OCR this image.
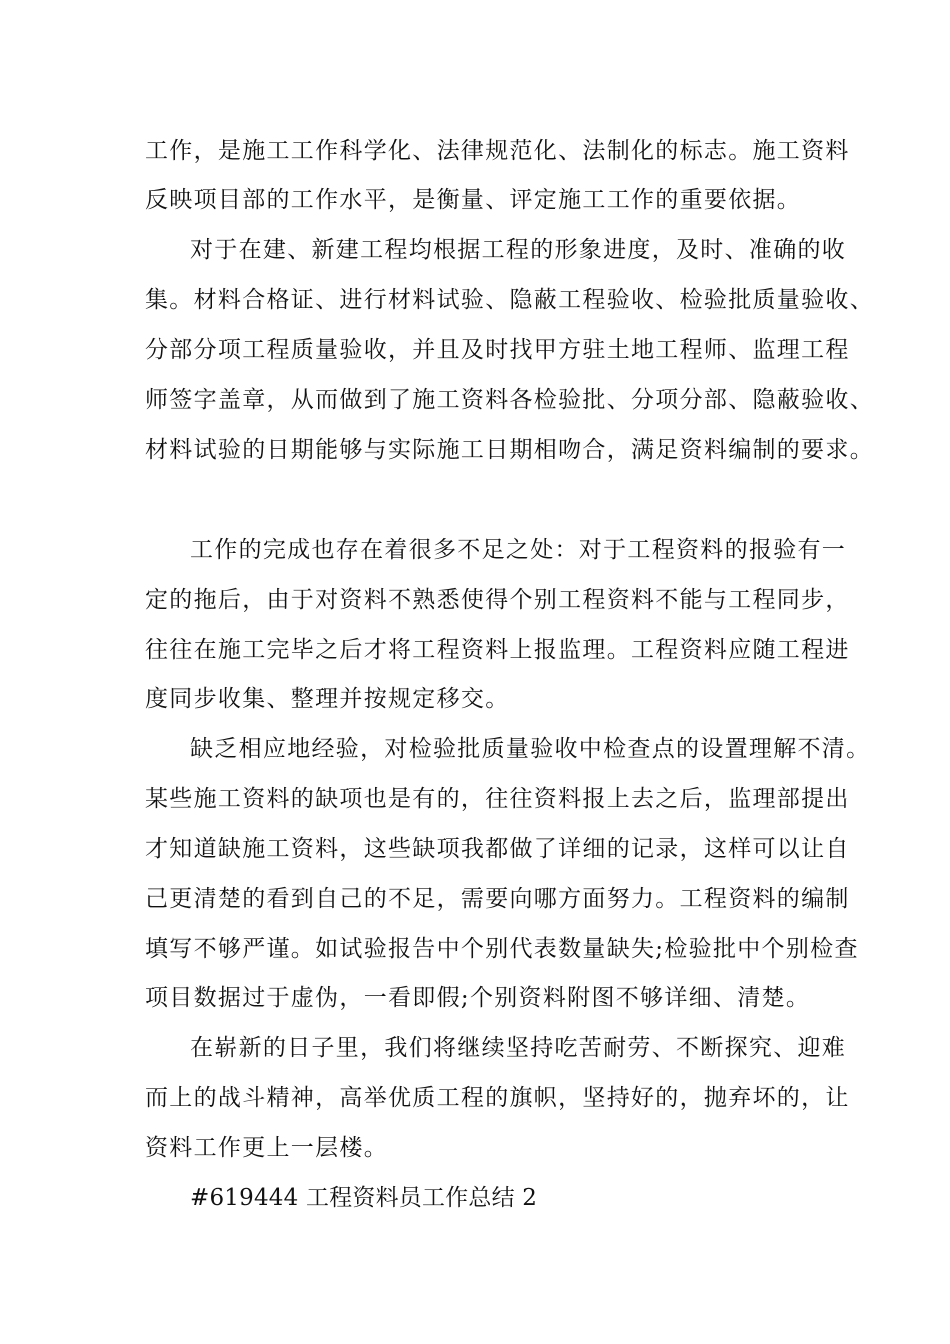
工作，是施工工作科学化、法律规范化、法制化的标志。施工资料
反映项目部的工作水平，是衡量、评定施工工作的重要依据。
对于在建、新建工程均根据工程的形象进度，及时、准确的收
集。材料合格证、进行材料试验、隐蔽工程验收、检验批质量验收、
分部分项工程质量验收，并且及时找甲方驻土地工程师、监理工程
师签字盖章，从而做到了施工资料各检验批、分项分部、隐蔽验收、
材料试验的日期能够与实际施工日期相吻合，满足资料编制的要求。
工作的完成也存在着很多不足之处：对于工程资料的报验有一
定的拖后，由于对资料不熟悉使得个别工程资料不能与工程同步，
往往在施工完毕之后才将工程资料上报监理。工程资料应随工程进
度同步收集、整理并按规定移交。
缺乏相应地经验，对检验批质量验收中检查点的设置理解不清。
某些施工资料的缺项也是有的，往往资料报上去之后，监理部提出
才知道缺施工资料，这些缺项我都做了详细的记录，这样可以让自
己更清楚的看到自己的不足，需要向哪方面努力。工程资料的编制
填写不够严谨。如试验报告中个别代表数量缺失;检验批中个别检查
项目数据过于虚伪，一看即假;个别资料附图不够详细、清楚。
在崭新的日子里，我们将继续坚持吃苦耐劳、不断探究、迎难
而上的战斗精神，高举优质工程的旗帜，坚持好的，抛弃坏的，让
资料工作更上一层楼。
#619444 工程资料员工作总结 2
